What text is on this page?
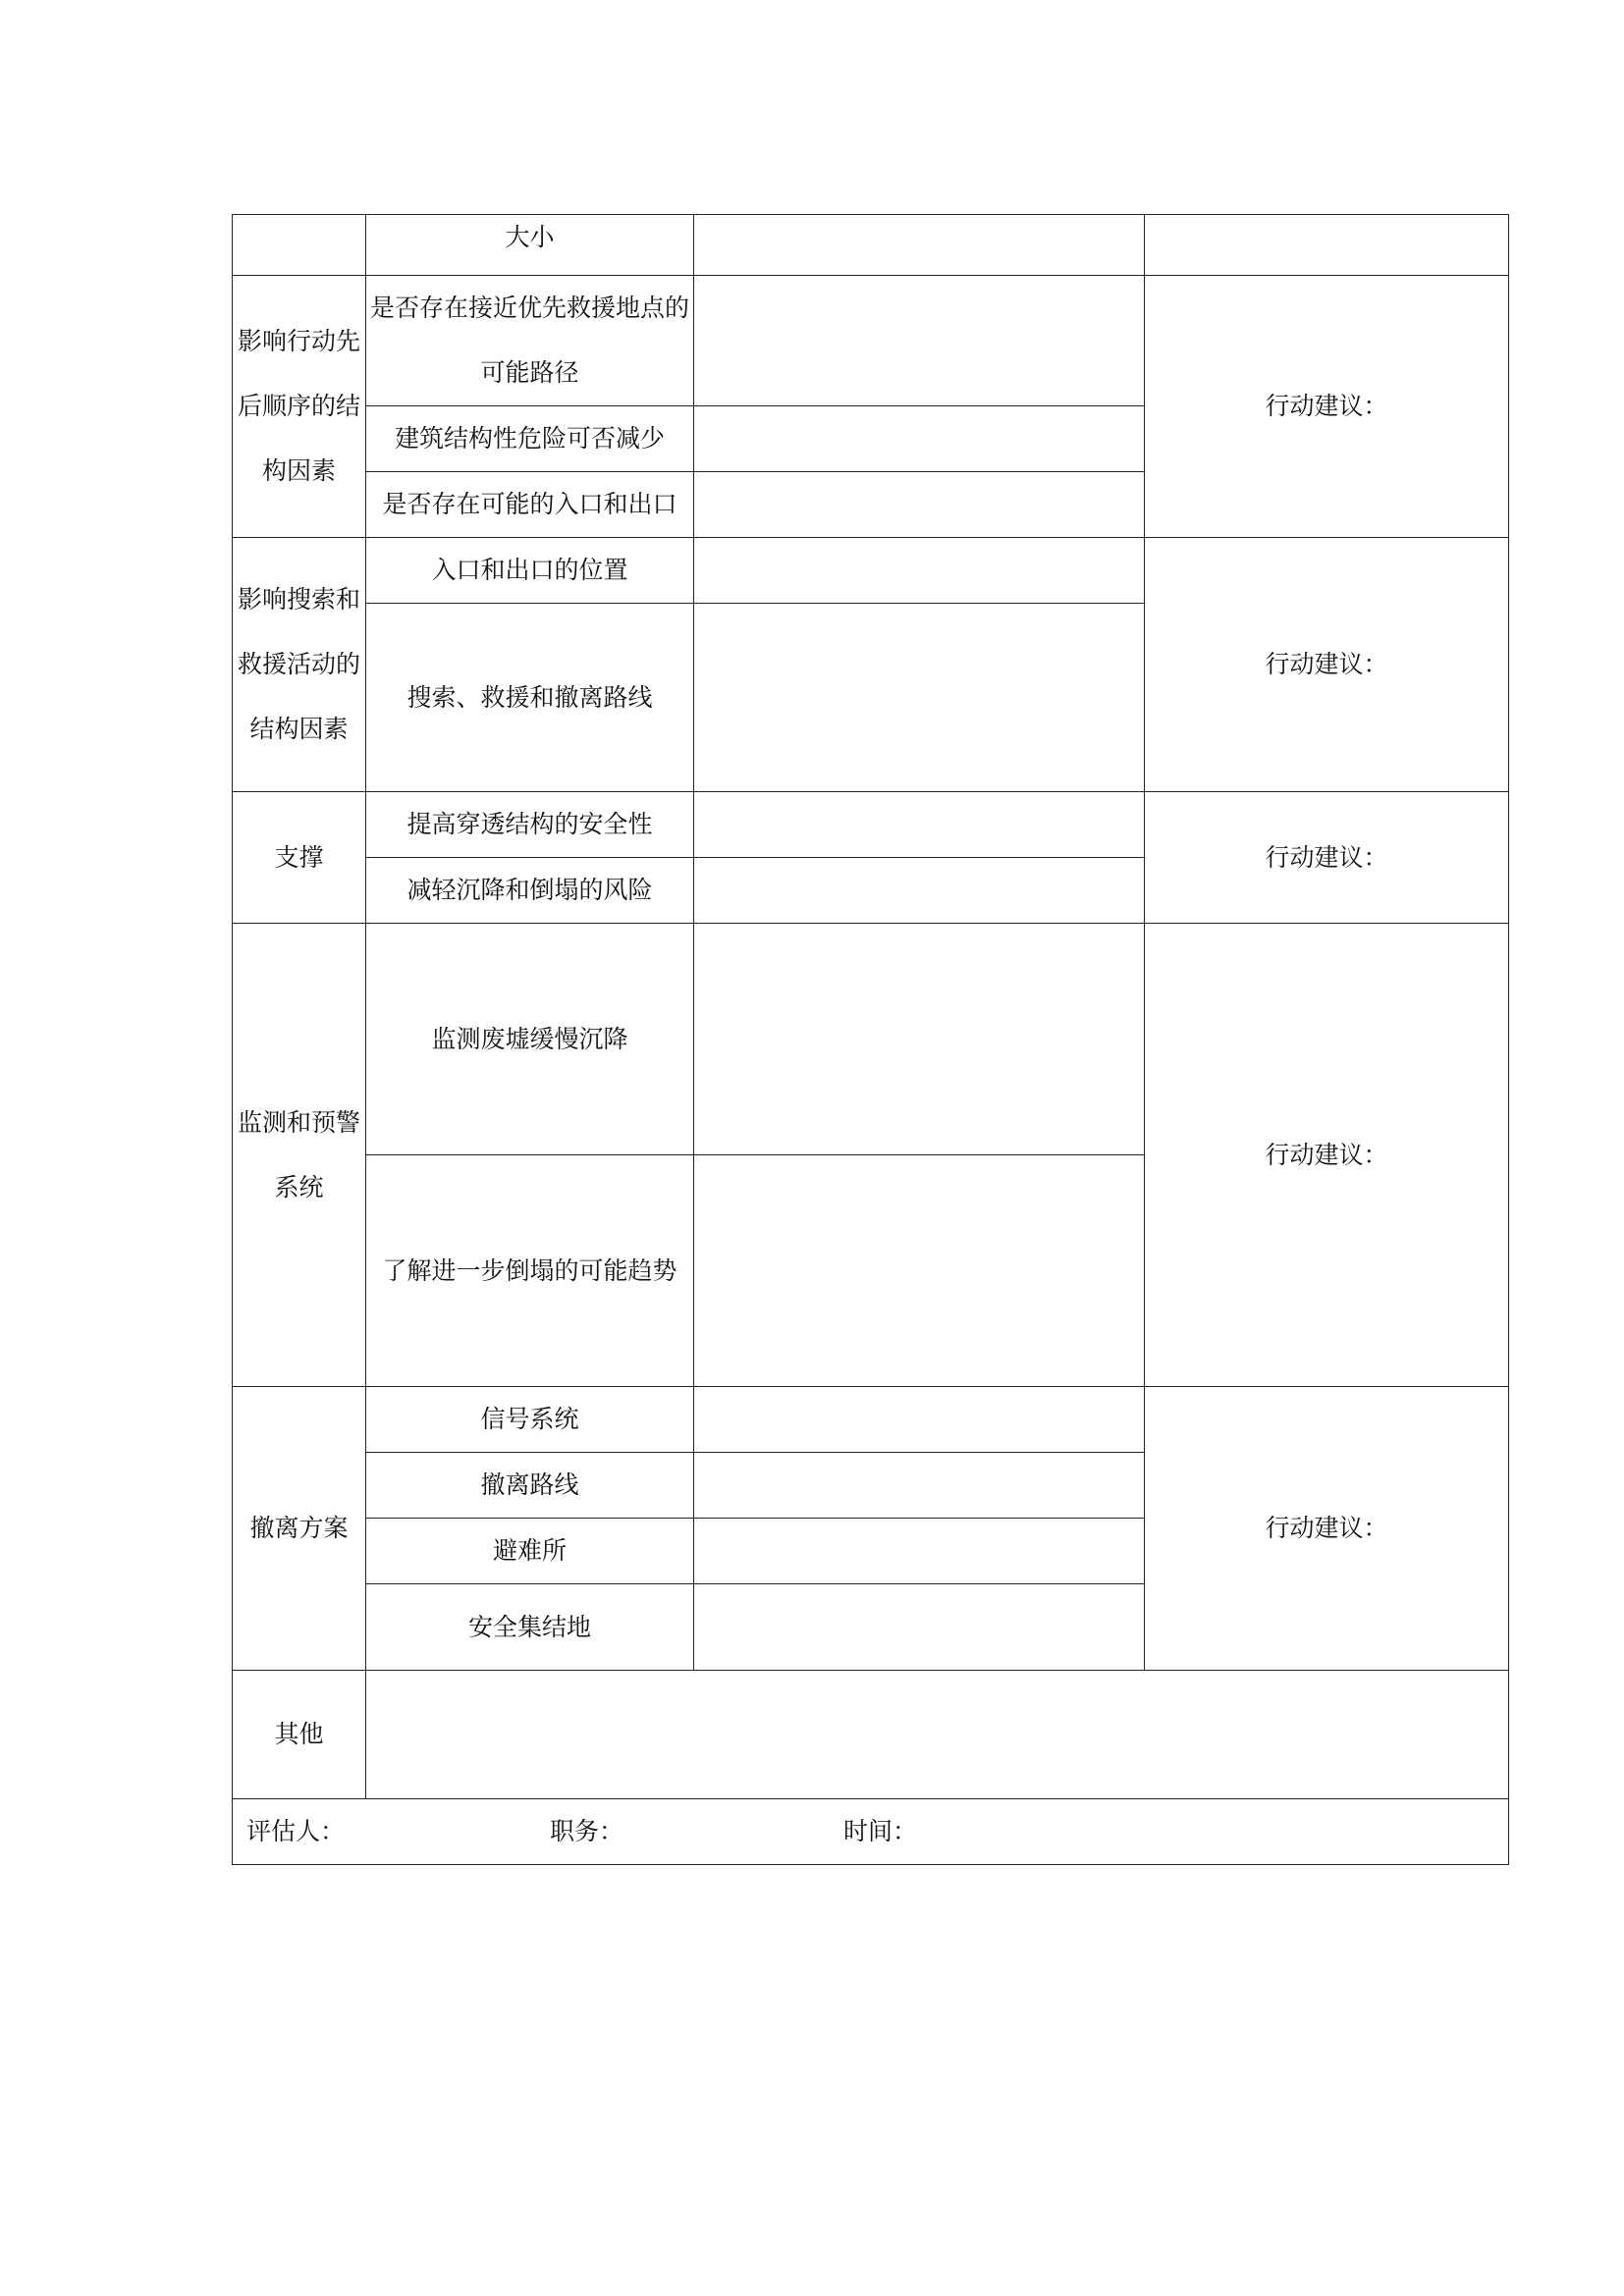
	大小		
影响行动先后顺序的结构因素	是否存在接近优先救援地点的可能路径		行动建议：
	建筑结构性危险可否减少		
	是否存在可能的入口和出口		
影响搜索和救援活动的结构因素	入口和出口的位置		行动建议：
	搜索、救援和撤离路线		
支撑	提高穿透结构的安全性		行动建议：
	减轻沉降和倒塌的风险		
监测和预警系统	监测废墟缓慢沉降		行动建议：
	了解进一步倒塌的可能趋势		
撤离方案	信号系统		行动建议：
	撤离路线		
	避难所		
	安全集结地		
其他			

评估人： 职务： 时间：			
